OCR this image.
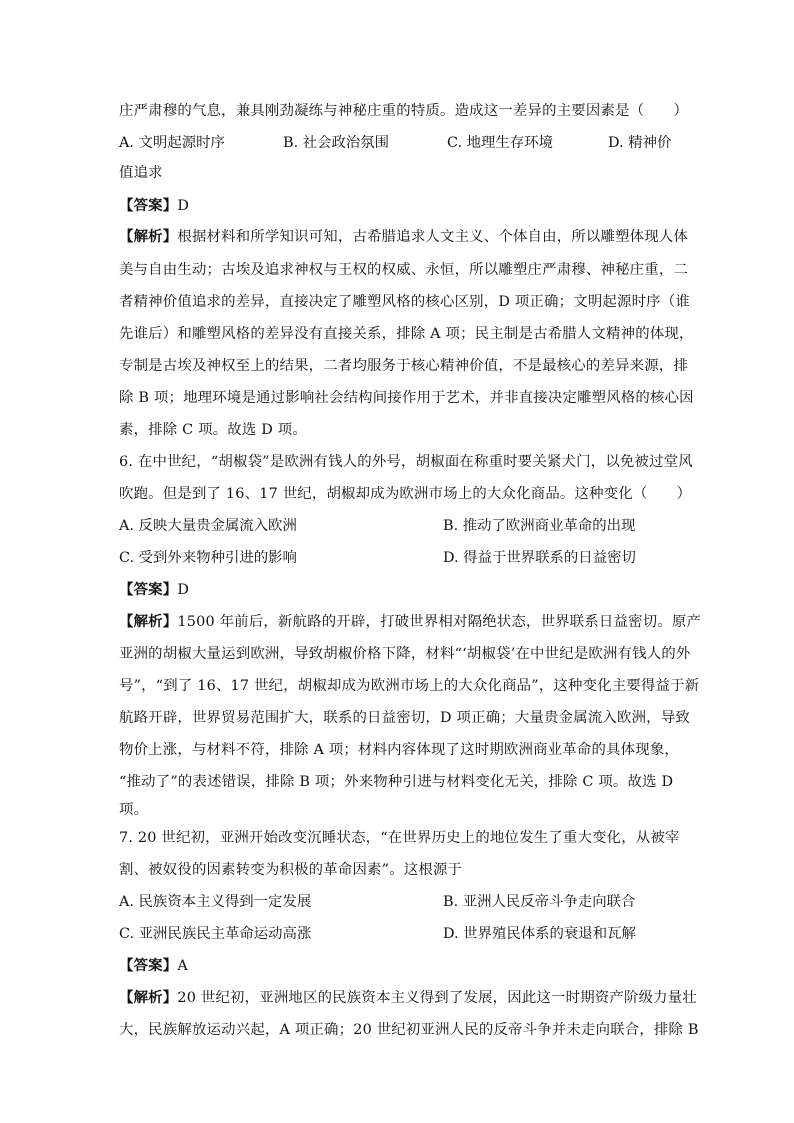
庄严肃穆的气息，兼具刚劲凝练与神秘庄重的特质。造成这一差异的主要因素是（　　）
A. 文明起源时序	B. 社会政治氛围	C. 地理生存环境	D. 精神价
值追求
【答案】D
【解析】根据材料和所学知识可知，古希腊追求人文主义、个体自由，所以雕塑体现人体
美与自由生动；古埃及追求神权与王权的权威、永恒，所以雕塑庄严肃穆、神秘庄重，二
者精神价值追求的差异，直接决定了雕塑风格的核心区别，D 项正确；文明起源时序（谁
先谁后）和雕塑风格的差异没有直接关系，排除 A 项；民主制是古希腊人文精神的体现，
专制是古埃及神权至上的结果，二者均服务于核心精神价值，不是最核心的差异来源，排
除 B 项；地理环境是通过影响社会结构间接作用于艺术，并非直接决定雕塑风格的核心因
素，排除 C 项。故选 D 项。
6. 在中世纪，“胡椒袋”是欧洲有钱人的外号，胡椒面在称重时要关紧犬门，以免被过堂风
吹跑。但是到了 16、17 世纪，胡椒却成为欧洲市场上的大众化商品。这种变化（　　）
A. 反映大量贵金属流入欧洲	B. 推动了欧洲商业革命的出现
C. 受到外来物种引进的影响	D. 得益于世界联系的日益密切
【答案】D
【解析】1500 年前后，新航路的开辟，打破世界相对隔绝状态，世界联系日益密切。原产
亚洲的胡椒大量运到欧洲，导致胡椒价格下降，材料“‘胡椒袋’在中世纪是欧洲有钱人的外
号”，“到了 16、17 世纪，胡椒却成为欧洲市场上的大众化商品”，这种变化主要得益于新
航路开辟，世界贸易范围扩大，联系的日益密切，D 项正确；大量贵金属流入欧洲，导致
物价上涨，与材料不符，排除 A 项；材料内容体现了这时期欧洲商业革命的具体现象，
“推动了”的表述错误，排除 B 项；外来物种引进与材料变化无关，排除 C 项。故选 D
项。
7. 20 世纪初，亚洲开始改变沉睡状态，“在世界历史上的地位发生了重大变化，从被宰
割、被奴役的因素转变为积极的革命因素”。这根源于
A. 民族资本主义得到一定发展	B. 亚洲人民反帝斗争走向联合
C. 亚洲民族民主革命运动高涨	D. 世界殖民体系的衰退和瓦解
【答案】A
【解析】20 世纪初，亚洲地区的民族资本主义得到了发展，因此这一时期资产阶级力量壮
大，民族解放运动兴起，A 项正确；20 世纪初亚洲人民的反帝斗争并未走向联合，排除 B
